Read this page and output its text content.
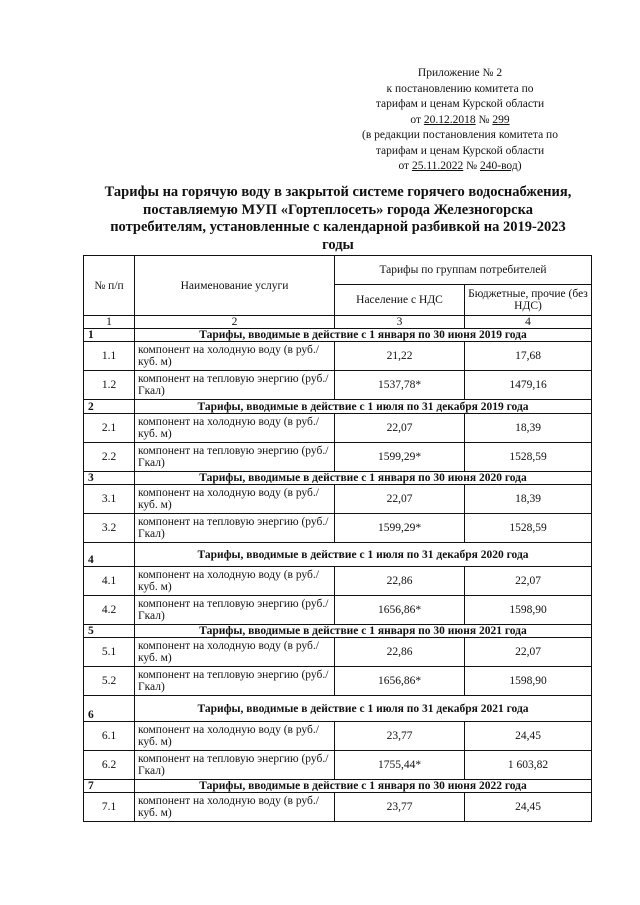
Приложение № 2
к постановлению комитета по
тарифам и ценам Курской области
от 20.12.2018 № 299
(в редакции постановления комитета по
тарифам и ценам Курской области
от 25.11.2022 № 240-вод)
Тарифы на горячую воду в закрытой системе горячего водоснабжения,
поставляемую МУП «Гортеплосеть» города Железногорска
потребителям, установленные с календарной разбивкой на 2019-2023
годы
№ п/п	Наименование услуги	Тарифы по группам потребителей	
		Население с НДС	Бюджетные, прочие (без НДС)
1	2	3	4
1	Тарифы, вводимые в действие с 1 января по 30 июня 2019 года		
1.1	компонент на холодную воду (в руб./куб. м)	21,22	17,68
1.2	компонент на тепловую энергию (руб./Гкал)	1537,78*	1479,16
2	Тарифы, вводимые в действие с 1 июля по 31 декабря 2019 года		
2.1	компонент на холодную воду (в руб./куб. м)	22,07	18,39
2.2	компонент на тепловую энергию (руб./Гкал)	1599,29*	1528,59
3	Тарифы, вводимые в действие с 1 января по 30 июня 2020 года		
3.1	компонент на холодную воду (в руб./куб. м)	22,07	18,39
3.2	компонент на тепловую энергию (руб./Гкал)	1599,29*	1528,59
4	Тарифы, вводимые в действие с 1 июля по 31 декабря 2020 года		
4.1	компонент на холодную воду (в руб./куб. м)	22,86	22,07
4.2	компонент на тепловую энергию (руб./Гкал)	1656,86*	1598,90
5	Тарифы, вводимые в действие с 1 января по 30 июня 2021 года		
5.1	компонент на холодную воду (в руб./куб. м)	22,86	22,07
5.2	компонент на тепловую энергию (руб./Гкал)	1656,86*	1598,90
6	Тарифы, вводимые в действие с 1 июля по 31 декабря 2021 года		
6.1	компонент на холодную воду (в руб./куб. м)	23,77	24,45
6.2	компонент на тепловую энергию (руб./Гкал)	1755,44*	1 603,82
7	Тарифы, вводимые в действие с 1 января по 30 июня 2022 года		
7.1	компонент на холодную воду (в руб./куб. м)	23,77	24,45
